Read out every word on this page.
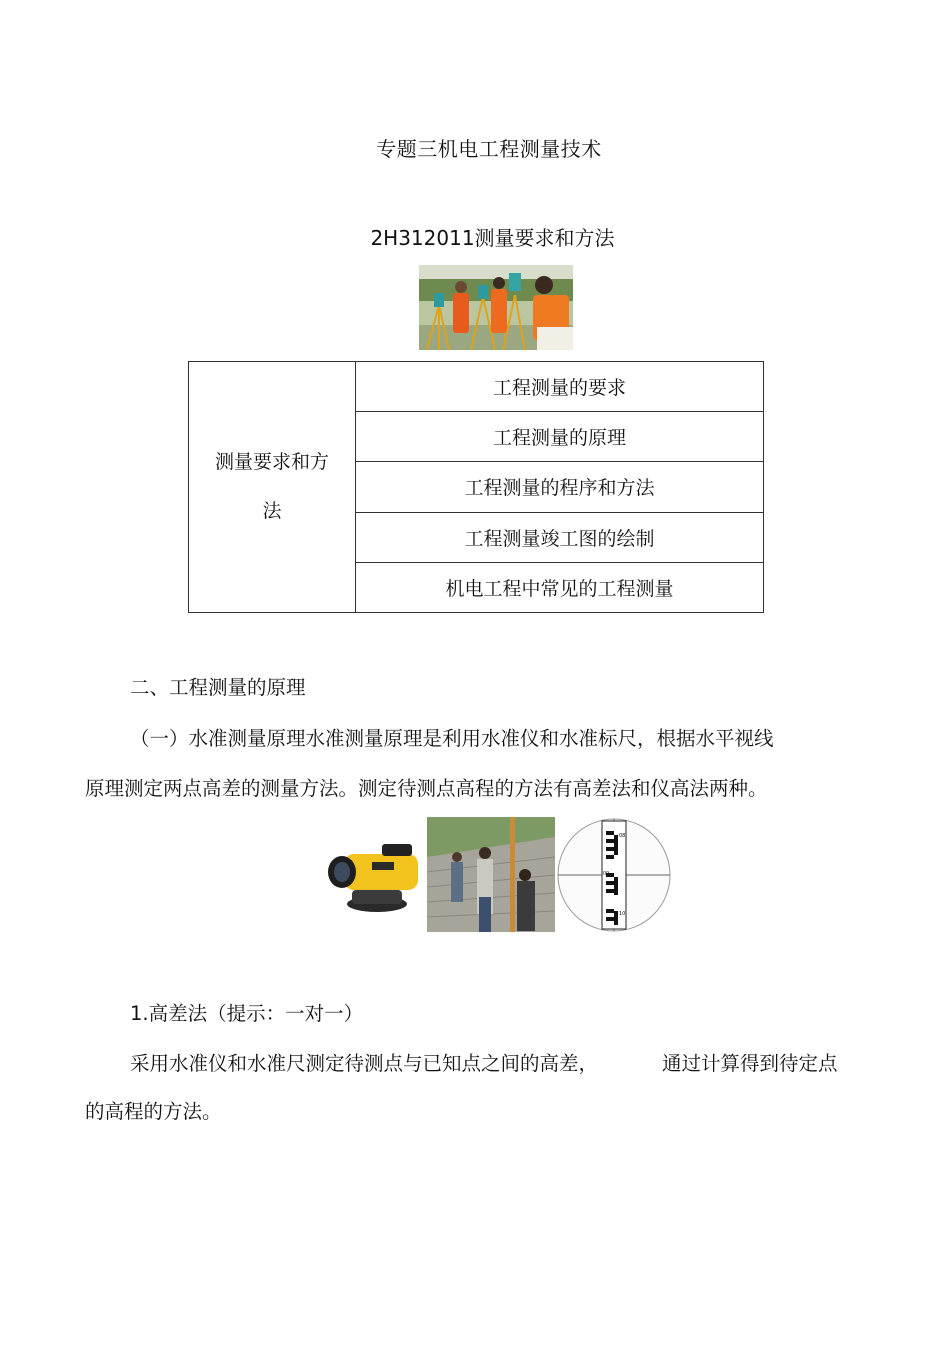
专题三机电工程测量技术
2H312011测量要求和方法
测量要求和方
法
	工程测量的要求
工程测量的原理
工程测量的程序和方法
工程测量竣工图的绘制
机电工程中常见的工程测量
二、工程测量的原理
（一）水准测量原理水准测量原理是利用水准仪和水准标尺，根据水平视线
原理测定两点高差的测量方法。测定待测点高程的方法有高差法和仪高法两种。
08
09
10
1.高差法（提示：一对一）
采用水准仪和水准尺测定待测点与已知点之间的高差，	通过计算得到待定点
的高程的方法。
